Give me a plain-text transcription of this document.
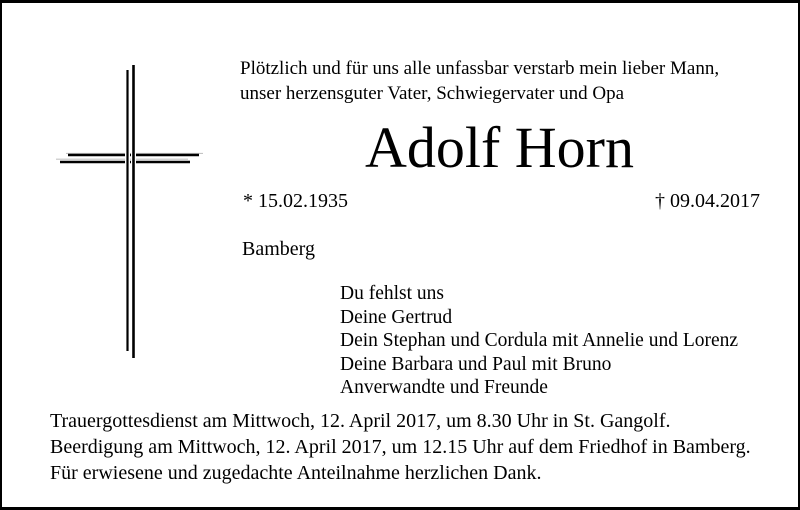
Plötzlich und für uns alle unfassbar verstarb mein lieber Mann,
unser herzensguter Vater, Schwiegervater und Opa
Adolf Horn
* 15.02.1935	† 09.04.2017
Bamberg
Du fehlst uns
Deine Gertrud
Dein Stephan und Cordula mit Annelie und Lorenz
Deine Barbara und Paul mit Bruno
Anverwandte und Freunde
Trauergottesdienst am Mittwoch, 12. April 2017, um 8.30 Uhr in St. Gangolf.
Beerdigung am Mittwoch, 12. April 2017, um 12.15 Uhr auf dem Friedhof in Bamberg.
Für erwiesene und zugedachte Anteilnahme herzlichen Dank.
